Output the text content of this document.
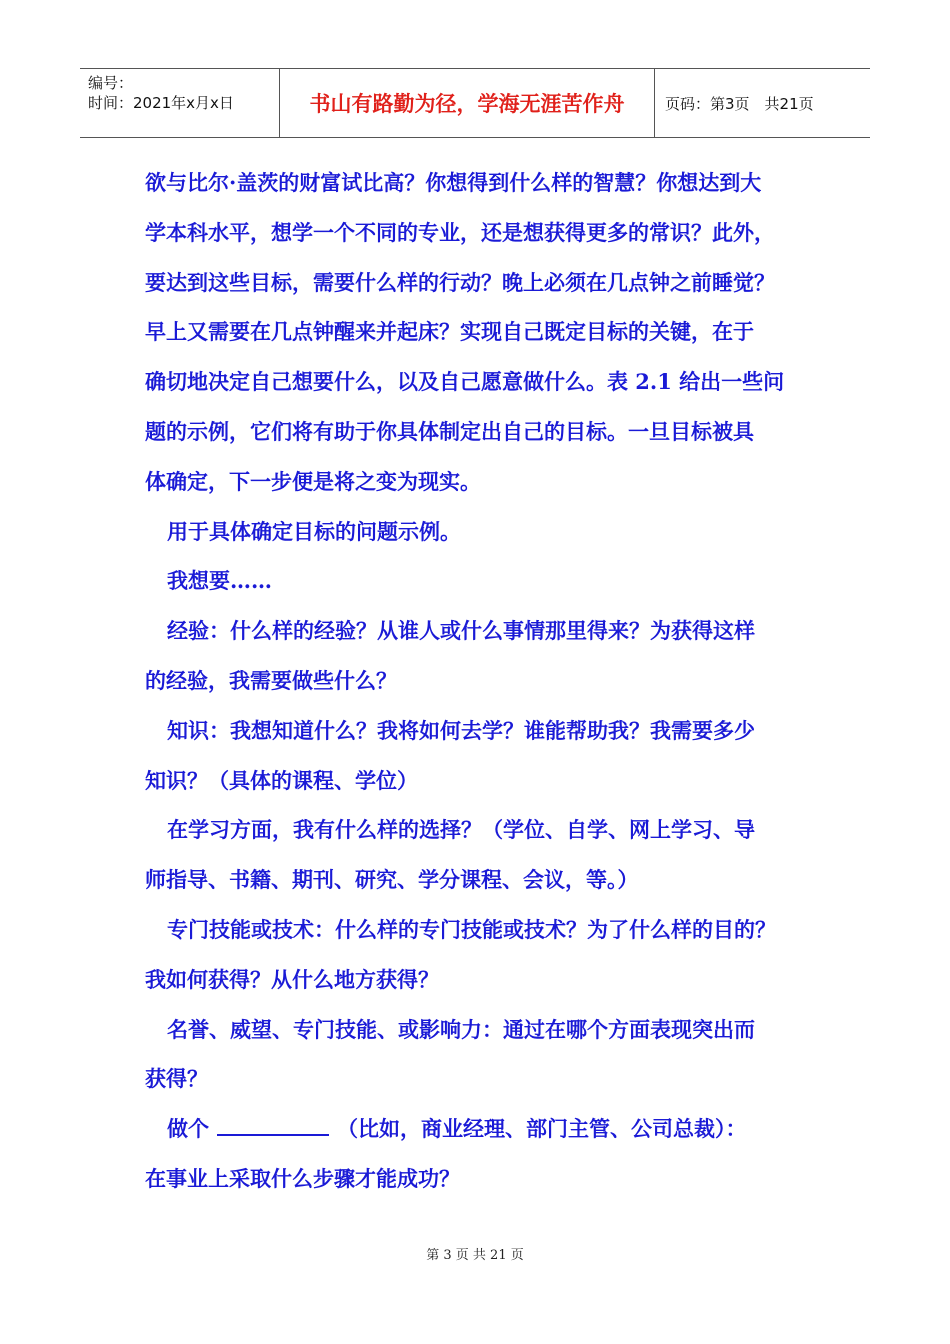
编号：
时间：2021年x月x日	书山有路勤为径，学海无涯苦作舟	页码：第3页　共21页
欲与比尔·盖茨的财富试比高？你想得到什么样的智慧？你想达到大
学本科水平，想学一个不同的专业，还是想获得更多的常识？此外，
要达到这些目标，需要什么样的行动？晚上必须在几点钟之前睡觉？
早上又需要在几点钟醒来并起床？实现自己既定目标的关键，在于
确切地决定自己想要什么，以及自己愿意做什么。表 2.1 给出一些问
题的示例，它们将有助于你具体制定出自己的目标。一旦目标被具
体确定，下一步便是将之变为现实。
用于具体确定目标的问题示例。
我想要……
经验：什么样的经验？从谁人或什么事情那里得来？为获得这样
的经验，我需要做些什么？
知识：我想知道什么？我将如何去学？谁能帮助我？我需要多少
知识？（具体的课程、学位）
在学习方面，我有什么样的选择？（学位、自学、网上学习、导
师指导、书籍、期刊、研究、学分课程、会议，等。）
专门技能或技术：什么样的专门技能或技术？为了什么样的目的？
我如何获得？从什么地方获得？
名誉、威望、专门技能、或影响力：通过在哪个方面表现突出而
获得？
做个	（比如，商业经理、部门主管、公司总裁）：
在事业上采取什么步骤才能成功？
第 3 页 共 21 页
